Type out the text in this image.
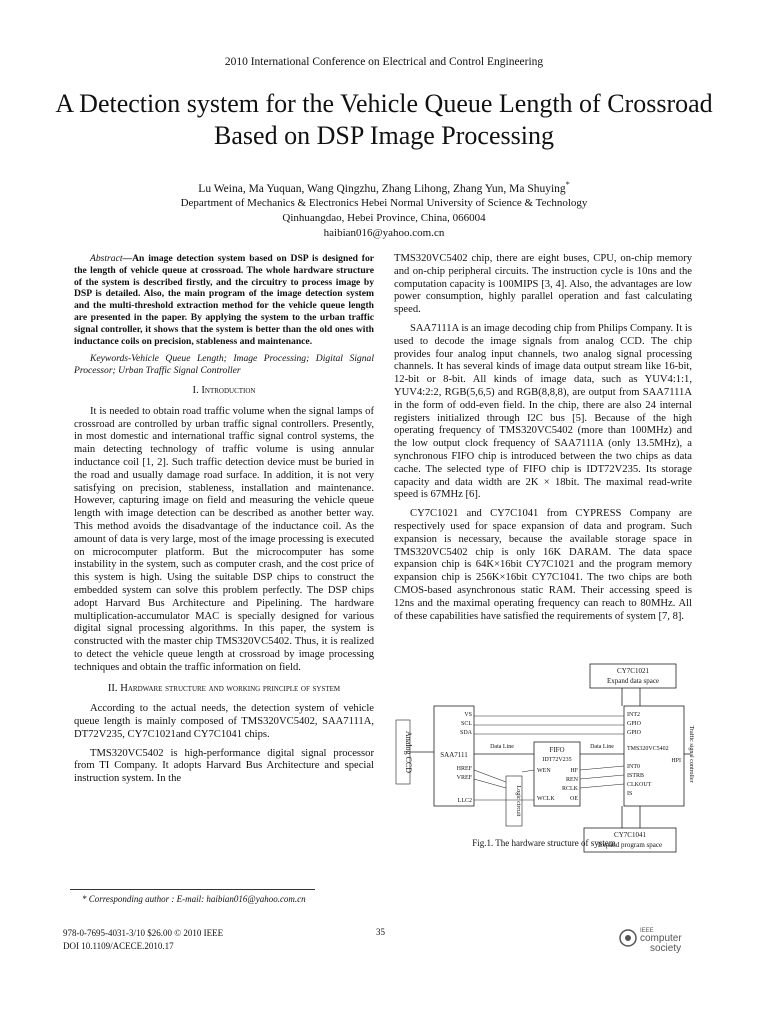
2010 International Conference on Electrical and Control Engineering
A Detection system for the Vehicle Queue Length of Crossroad Based on DSP Image Processing
Lu Weina, Ma Yuquan, Wang Qingzhu, Zhang Lihong, Zhang Yun, Ma Shuying*
Department of Mechanics & Electronics Hebei Normal University of Science & Technology
Qinhuangdao, Hebei Province, China, 066004
haibian016@yahoo.com.cn

Abstract—An image detection system based on DSP is designed for the length of vehicle queue at crossroad. The whole hardware structure of the system is described firstly, and the circuitry to process image by DSP is detailed. Also, the main program of the image detection system and the multi-threshold extraction method for the vehicle queue length are presented in the paper. By applying the system to the urban traffic signal controller, it shows that the system is better than the old ones with inductance coils on precision, stableness and maintenance.

Keywords-Vehicle Queue Length; Image Processing; Digital Signal Processor; Urban Traffic Signal Controller

I. Introduction

It is needed to obtain road traffic volume when the signal lamps of crossroad are controlled by urban traffic signal controllers. Presently, in most domestic and international traffic signal control systems, the main detecting technology of traffic volume is using annular inductance coil [1, 2]. Such traffic detection device must be buried in the road and usually damage road surface. In addition, it is not very satisfying on precision, stableness, installation and maintenance. However, capturing image on field and measuring the vehicle queue length with image detection can be described as another better way. This method avoids the disadvantage of the inductance coil. As the amount of data is very large, most of the image processing is executed on microcomputer platform. But the microcomputer has some instability in the system, such as computer crash, and the cost price of this system is high. Using the suitable DSP chips to construct the embedded system can solve this problem perfectly. The DSP chips adopt Harvard Bus Architecture and Pipelining. The hardware multiplication-accumulator MAC is specially designed for various digital signal processing algorithms. In this paper, the system is constructed with the master chip TMS320VC5402. Thus, it is realized to detect the vehicle queue length at crossroad by image processing techniques and obtain the traffic information on field.

II. Hardware structure and working principle of system

According to the actual needs, the detection system of vehicle queue length is mainly composed of TMS320VC5402, SAA7111A, DT72V235, CY7C1021and CY7C1041 chips.

TMS320VC5402 is high-performance digital signal processor from TI Company. It adopts Harvard Bus Architecture and special instruction system. In the

TMS320VC5402 chip, there are eight buses, CPU, on-chip memory and on-chip peripheral circuits. The instruction cycle is 10ns and the computation capacity is 100MIPS [3, 4]. Also, the advantages are low power consumption, highly parallel operation and fast calculating speed.

SAA7111A is an image decoding chip from Philips Company. It is used to decode the image signals from analog CCD. The chip provides four analog input channels, two analog signal processing channels. It has several kinds of image data output stream like 16-bit, 12-bit or 8-bit. All kinds of image data, such as YUV4:1:1, YUV4:2:2, RGB(5,6,5) and RGB(8,8,8), are output from SAA7111A in the form of odd-even field. In the chip, there are also 24 internal registers initialized through I2C bus [5]. Because of the high operating frequency of TMS320VC5402 (more than 100MHz) and the low output clock frequency of SAA7111A (only 13.5MHz), a synchronous FIFO chip is introduced between the two chips as data cache. The selected type of FIFO chip is IDT72V235. Its storage capacity and data width are 2K × 18bit. The maximal read-write speed is 67MHz [6].

CY7C1021 and CY7C1041 from CYPRESS Company are respectively used for space expansion of data and program. Such expansion is necessary, because the available storage space in TMS320VC5402 chip is only 16K DARAM. The data space expansion chip is 64K×16bit CY7C1021 and the program memory expansion chip is 256K×16bit CY7C1041. The two chips are both CMOS-based asynchronous static RAM. Their accessing speed is 12ns and the maximal operating frequency can reach to 80MHz. All of these capabilities have satisfied the requirements of system [7, 8].

CY7C1021
Expand data space
Analog CCD	SAA7111
VS
SCL
SDA
HREF
VREF
LLC2
Data Line	FIFO
IDT72V235
WEN	HF
REN
RCLK
WCLK	OE
Logic circuit
Data Line
INT2
GPIO
GPIO
TMS320VC5402
INT0
ISTRB
CLKOUT
IS
HPI Traffic signal controller
CY7C1041
Expand program space
Fig.1. The hardware structure of system
* Corresponding author : E-mail: haibian016@yahoo.com.cn
978-0-7695-4031-3/10 $26.00 © 2010 IEEE
DOI 10.1109/ACECE.2010.17
35	IEEE
computer
society
